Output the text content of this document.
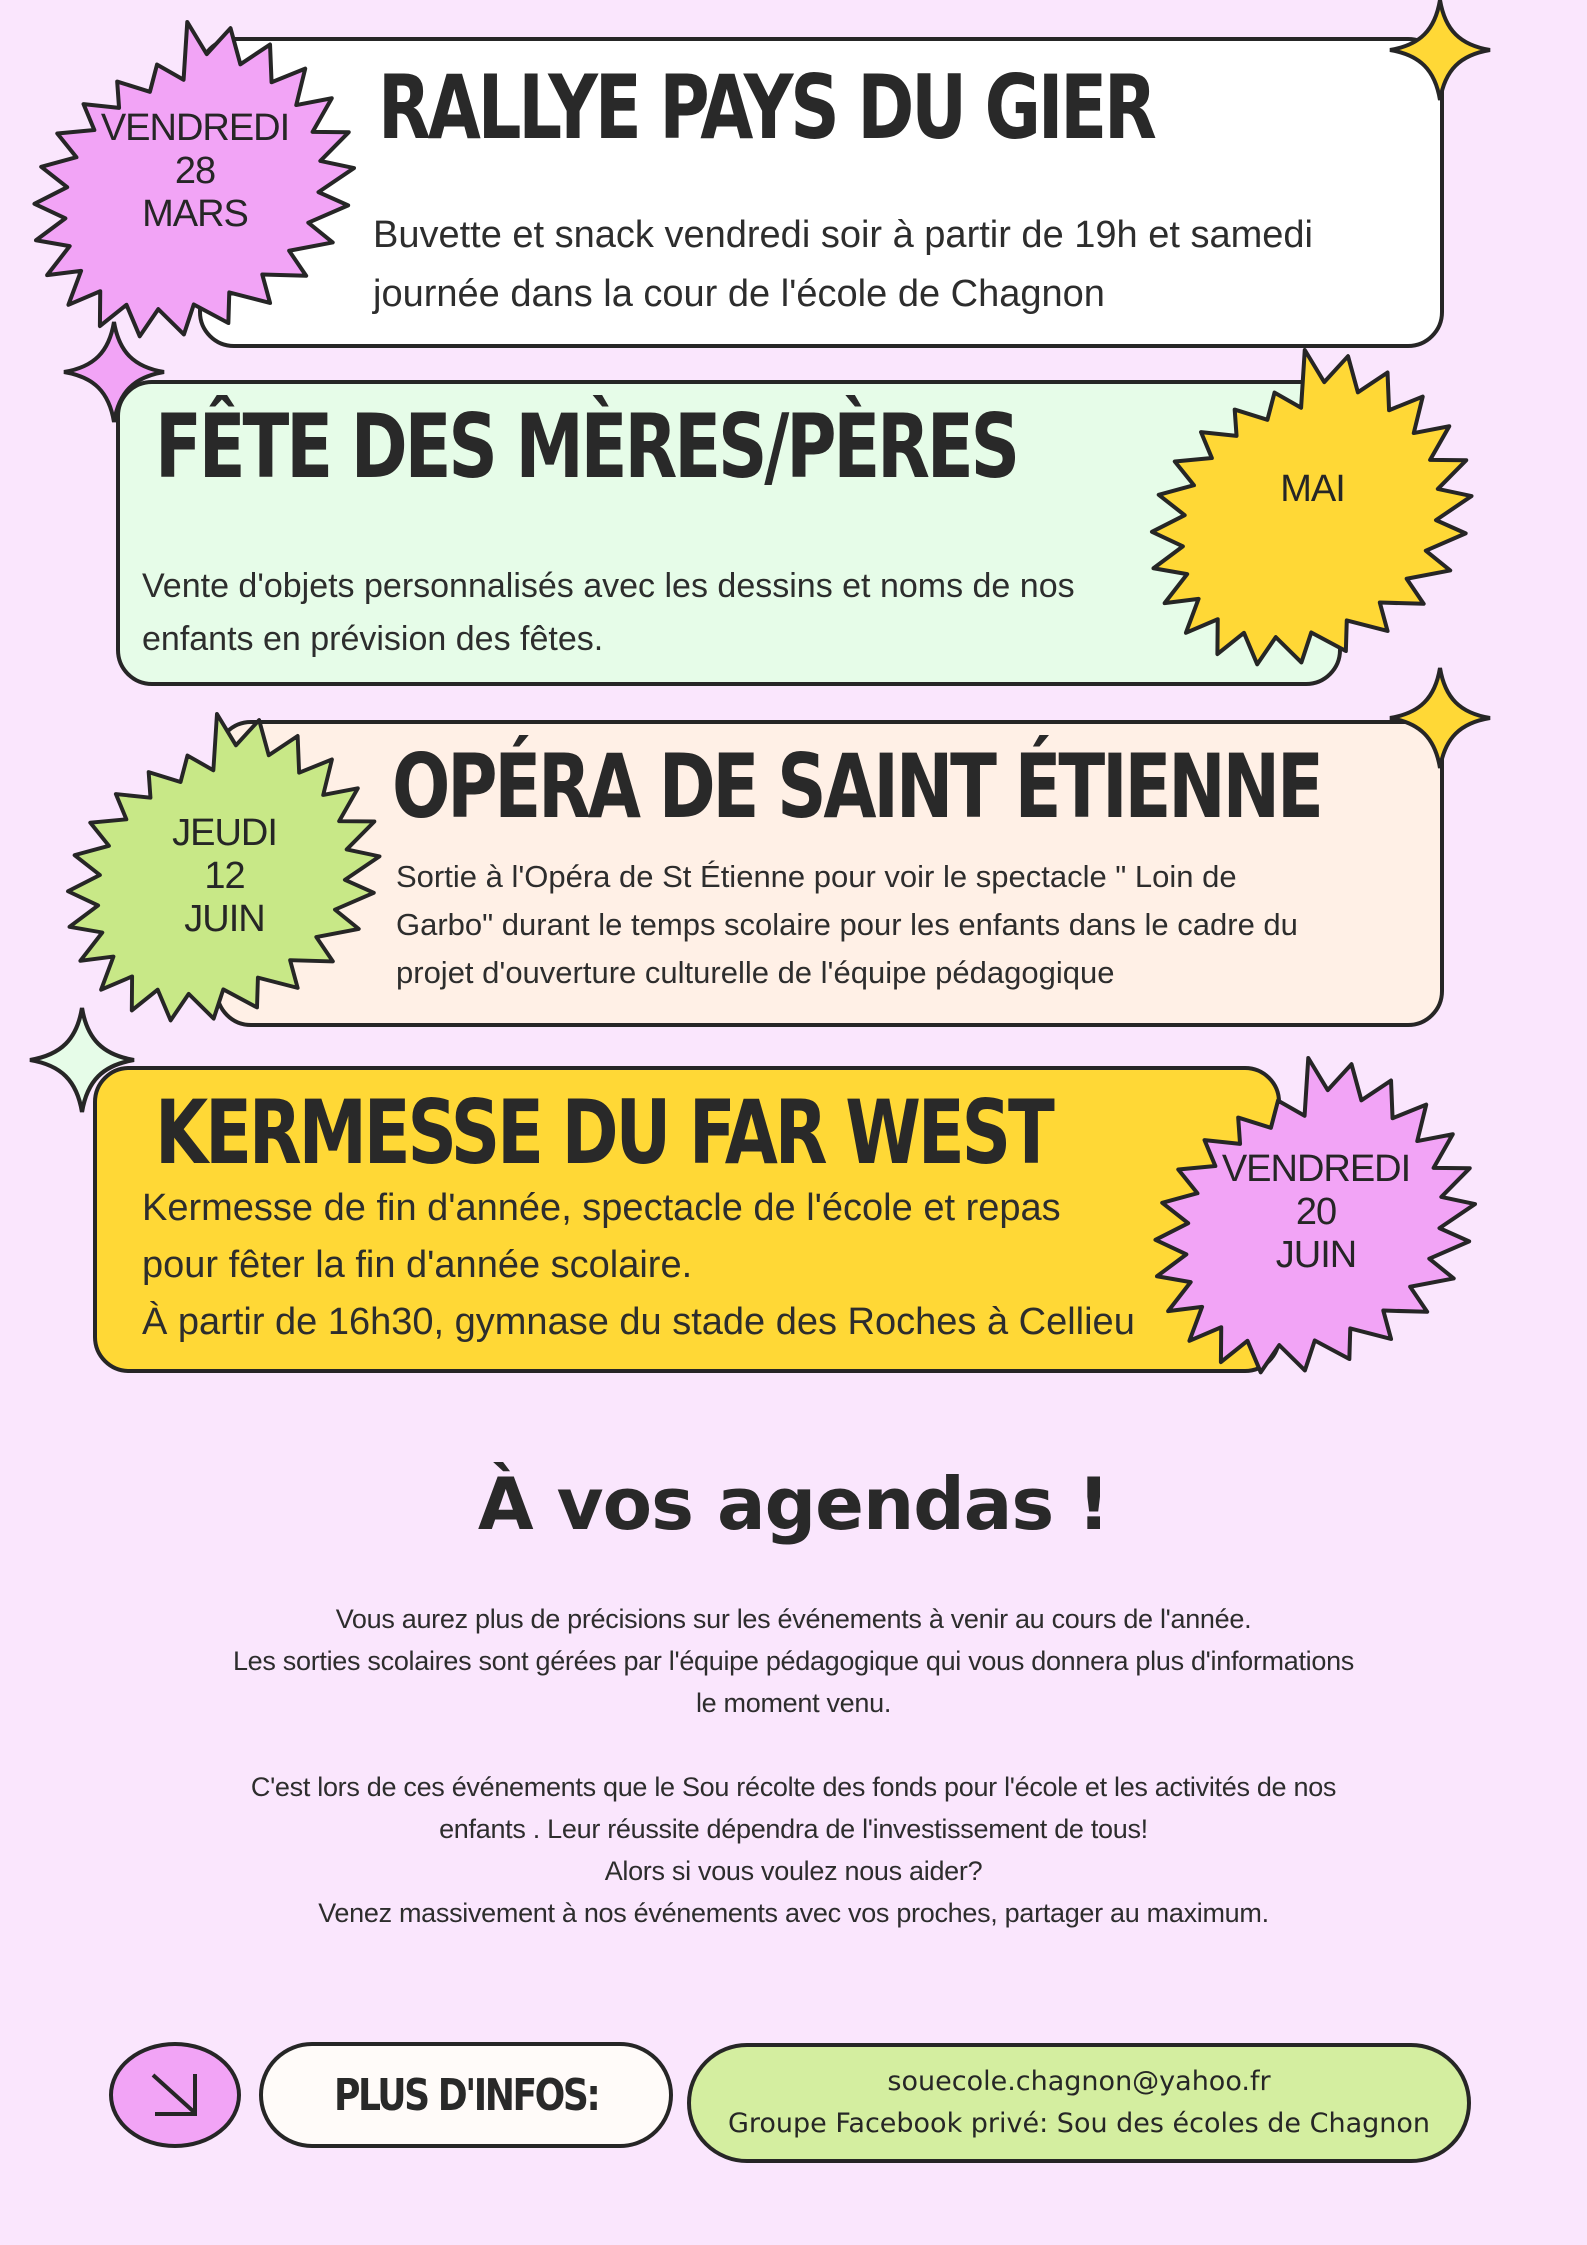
RALLYE PAYS DU GIER
Buvette et snack vendredi soir à partir de 19h et samedi
journée dans la cour de l'école de Chagnon
VENDREDI
28
MARS
FÊTE DES MÈRES/PÈRES
Vente d'objets personnalisés avec les dessins et noms de nos
enfants en prévision des fêtes.
MAI
OPÉRA DE SAINT ÉTIENNE
Sortie à l'Opéra de St Étienne pour voir le spectacle " Loin de
Garbo" durant le temps scolaire pour les enfants dans le cadre du
projet d'ouverture culturelle de l'équipe pédagogique
JEUDI
12
JUIN
KERMESSE DU FAR WEST
Kermesse de fin d'année, spectacle de l'école et repas
pour fêter la fin d'année scolaire.
À partir de 16h30, gymnase du stade des Roches à Cellieu
VENDREDI
20
JUIN
À vos agendas !
Vous aurez plus de précisions sur les événements à venir au cours de l'année.
Les sorties scolaires sont gérées par l'équipe pédagogique qui vous donnera plus d'informations
le moment venu.
C'est lors de ces événements que le Sou récolte des fonds pour l'école et les activités de nos
enfants . Leur réussite dépendra de l'investissement de tous!
Alors si vous voulez nous aider?
Venez massivement à nos événements avec vos proches, partager au maximum.
PLUS D'INFOS:	souecole.chagnon@yahoo.fr
Groupe Facebook privé: Sou des écoles de Chagnon
